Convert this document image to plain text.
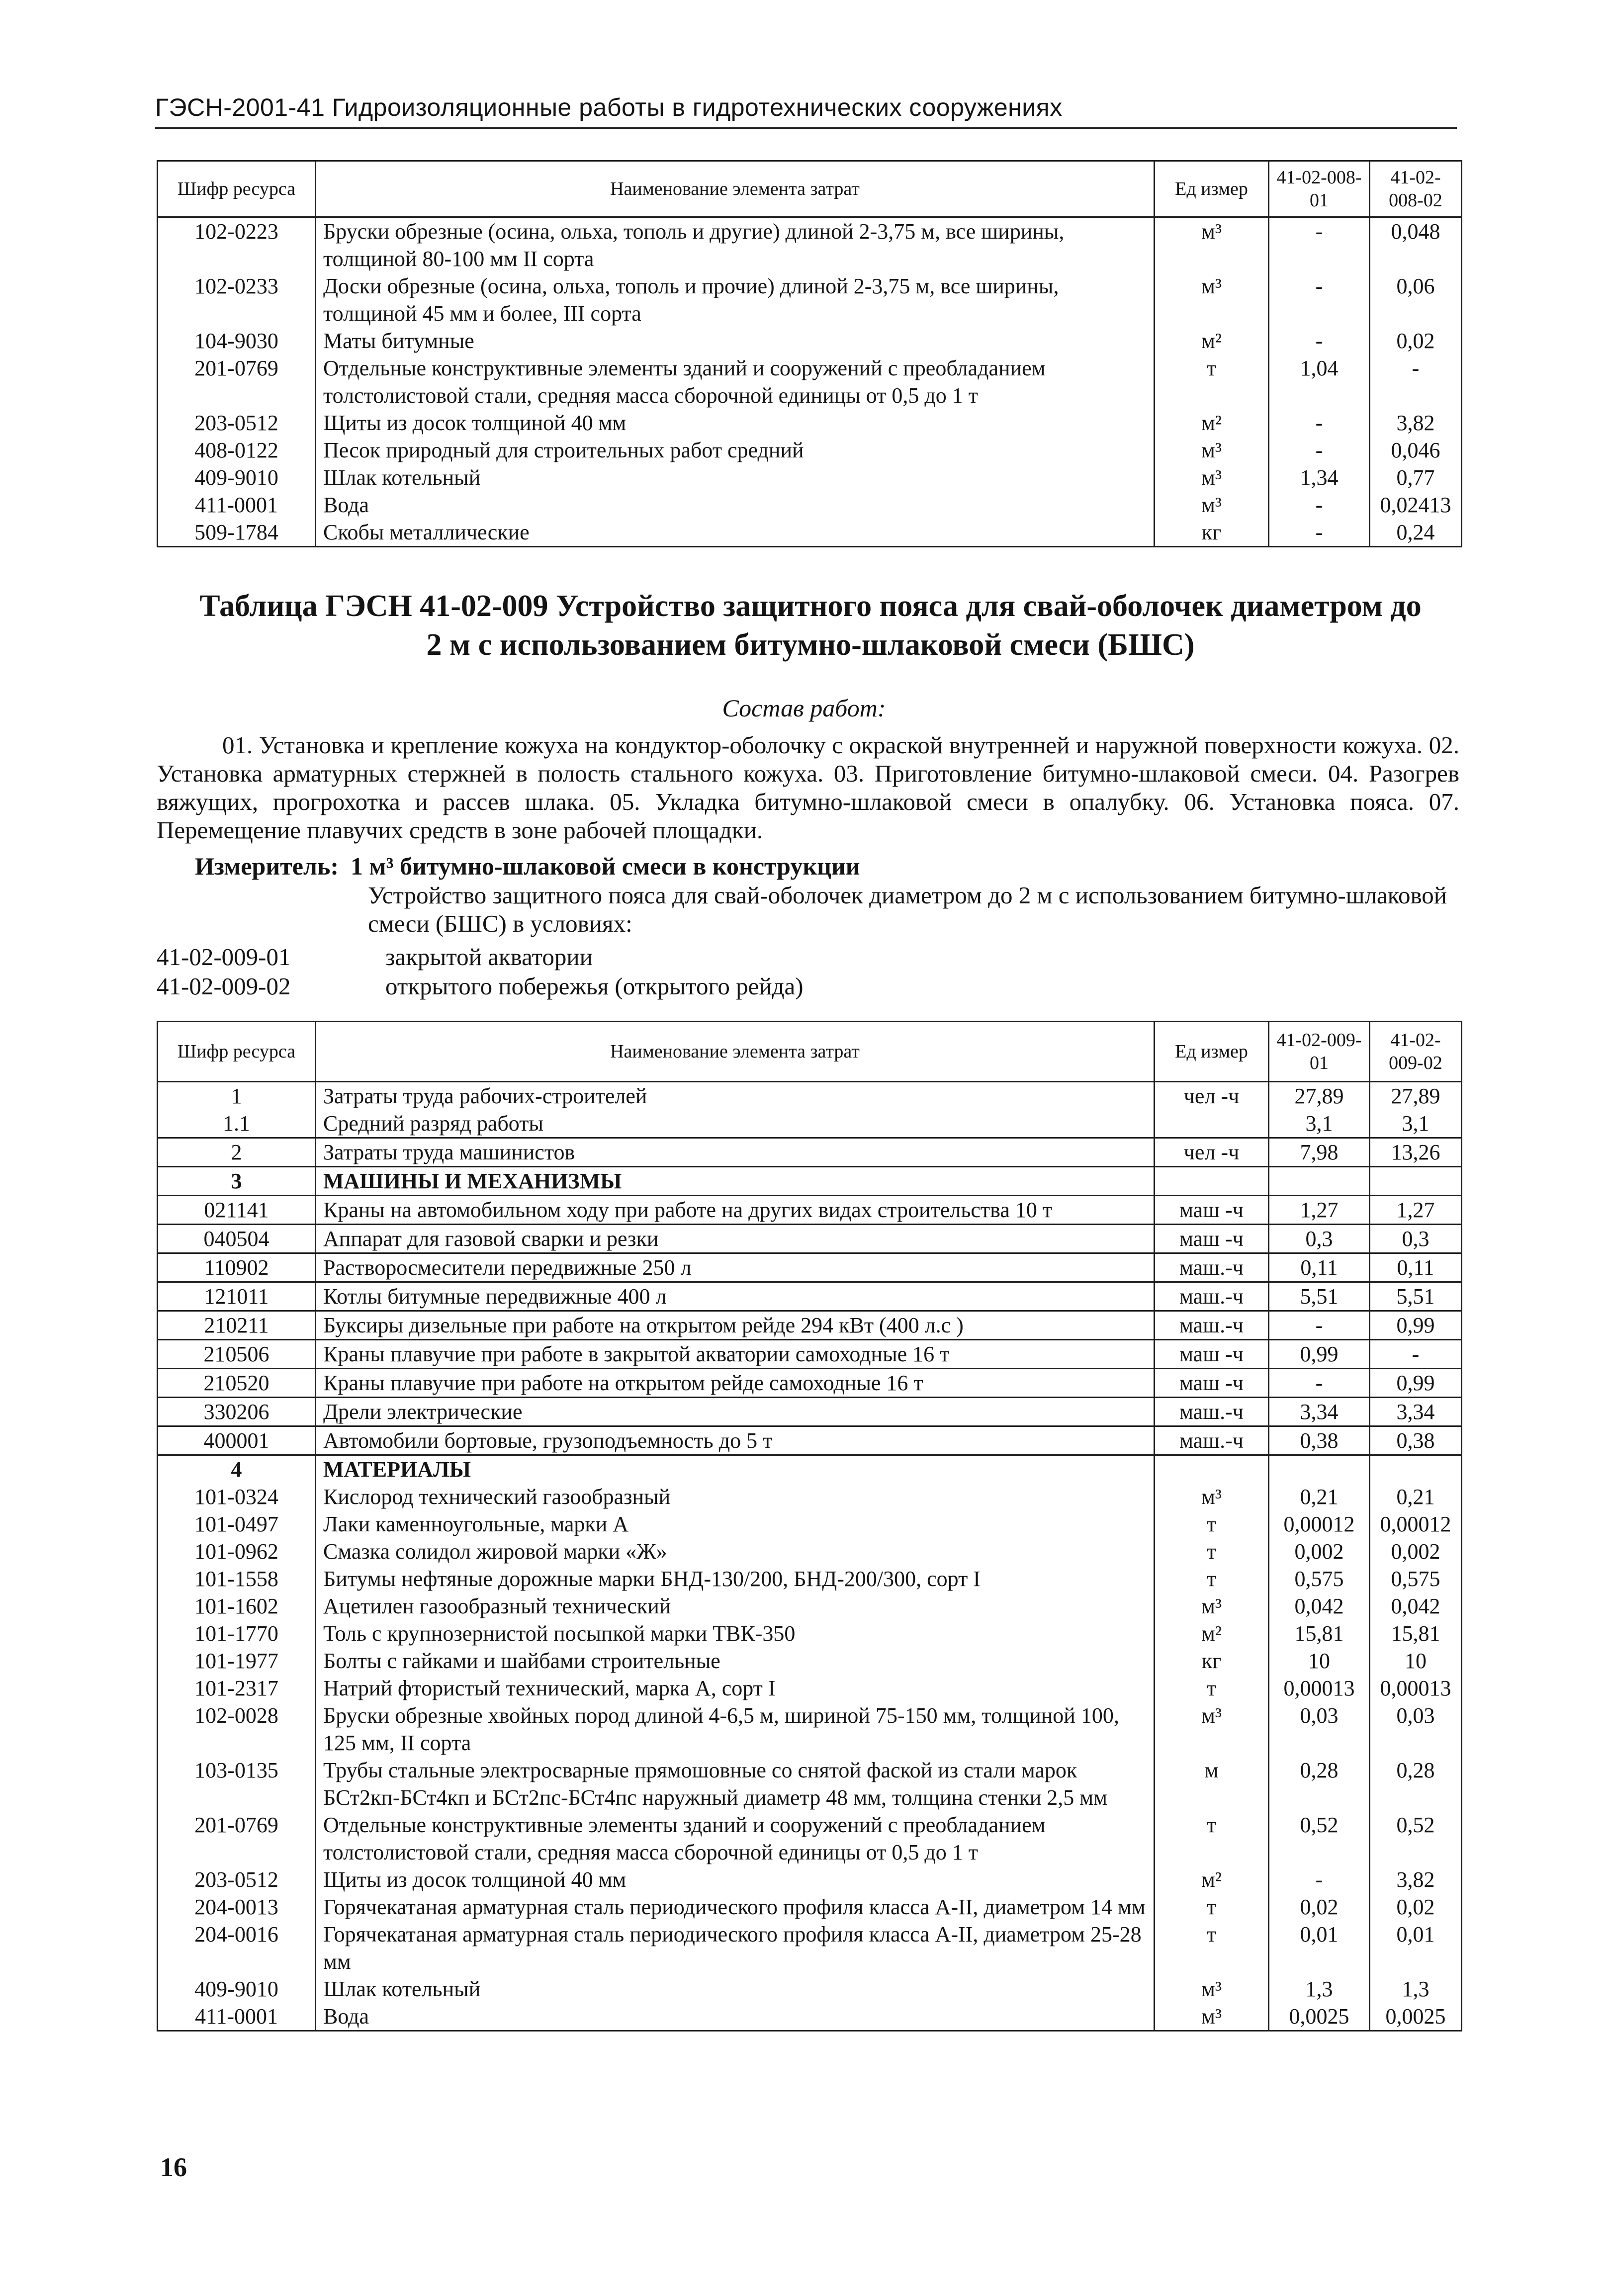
ГЭСН-2001-41 Гидроизоляционные работы в гидротехнических сооружениях
Шифр ресурса	Наименование элемента затрат	Ед измер	41-02-008-01	41-02-008-02
102-0223	Бруски обрезные (осина, ольха, тополь и другие) длиной 2-3,75 м, все ширины, толщиной 80-100 мм II сорта	м³	-	0,048
102-0233	Доски обрезные (осина, ольха, тополь и прочие) длиной 2-3,75 м, все ширины, толщиной 45 мм и более, III сорта	м³	-	0,06
104-9030	Маты битумные	м²	-	0,02
201-0769	Отдельные конструктивные элементы зданий и сооружений с преобладанием толстолистовой стали, средняя масса сборочной единицы от 0,5 до 1 т	т	1,04	-
203-0512	Щиты из досок толщиной 40 мм	м²	-	3,82
408-0122	Песок природный для строительных работ средний	м³	-	0,046
409-9010	Шлак котельный	м³	1,34	0,77
411-0001	Вода	м³	-	0,02413
509-1784	Скобы металлические	кг	-	0,24
Таблица ГЭСН 41-02-009 Устройство защитного пояса для свай-оболочек диаметром до
2 м с использованием битумно-шлаковой смеси (БШС)
Состав работ:

01. Установка и крепление кожуха на кондуктор-оболочку с окраской внутренней и наружной поверхности кожуха. 02. Установка арматурных стержней в полость стального кожуха. 03. Приготовление битумно-шлаковой смеси. 04. Разогрев вяжущих, прогрохотка и рассев шлака. 05. Укладка битумно-шлаковой смеси в опалубку. 06. Установка пояса. 07. Перемещение плавучих средств в зоне рабочей площадки.

Измеритель: 1 м³ битумно-шлаковой смеси в конструкции

Устройство защитного пояса для свай-оболочек диаметром до 2 м с использованием битумно-шлаковой смеси (БШС) в условиях:

41-02-009-01	закрытой акватории
41-02-009-02	открытого побережья (открытого рейда)
Шифр ресурса	Наименование элемента затрат	Ед измер	41-02-009-01	41-02-009-02
1	Затраты труда рабочих-строителей	чел -ч	27,89	27,89
1.1	Средний разряд работы		3,1	3,1
2	Затраты труда машинистов	чел -ч	7,98	13,26
3	МАШИНЫ И МЕХАНИЗМЫ			
021141	Краны на автомобильном ходу при работе на других видах строительства 10 т	маш -ч	1,27	1,27
040504	Аппарат для газовой сварки и резки	маш -ч	0,3	0,3
110902	Растворосмесители передвижные 250 л	маш.-ч	0,11	0,11
121011	Котлы битумные передвижные 400 л	маш.-ч	5,51	5,51
210211	Буксиры дизельные при работе на открытом рейде 294 кВт (400 л.с )	маш.-ч	-	0,99
210506	Краны плавучие при работе в закрытой акватории самоходные 16 т	маш -ч	0,99	-
210520	Краны плавучие при работе на открытом рейде самоходные 16 т	маш -ч	-	0,99
330206	Дрели электрические	маш.-ч	3,34	3,34
400001	Автомобили бортовые, грузоподъемность до 5 т	маш.-ч	0,38	0,38
4	МАТЕРИАЛЫ			
101-0324	Кислород технический газообразный	м³	0,21	0,21
101-0497	Лаки каменноугольные, марки А	т	0,00012	0,00012
101-0962	Смазка солидол жировой марки «Ж»	т	0,002	0,002
101-1558	Битумы нефтяные дорожные марки БНД-130/200, БНД-200/300, сорт I	т	0,575	0,575
101-1602	Ацетилен газообразный технический	м³	0,042	0,042
101-1770	Толь с крупнозернистой посыпкой марки ТВК-350	м²	15,81	15,81
101-1977	Болты с гайками и шайбами строительные	кг	10	10
101-2317	Натрий фтористый технический, марка А, сорт I	т	0,00013	0,00013
102-0028	Бруски обрезные хвойных пород длиной 4-6,5 м, шириной 75-150 мм, толщиной 100, 125 мм, II сорта	м³	0,03	0,03
103-0135	Трубы стальные электросварные прямошовные со снятой фаской из стали марок БСт2кп-БСт4кп и БСт2пс-БСт4пс наружный диаметр 48 мм, толщина стенки 2,5 мм	м	0,28	0,28
201-0769	Отдельные конструктивные элементы зданий и сооружений с преобладанием толстолистовой стали, средняя масса сборочной единицы от 0,5 до 1 т	т	0,52	0,52
203-0512	Щиты из досок толщиной 40 мм	м²	-	3,82
204-0013	Горячекатаная арматурная сталь периодического профиля класса А-II, диаметром 14 мм	т	0,02	0,02
204-0016	Горячекатаная арматурная сталь периодического профиля класса А-II, диаметром 25-28 мм	т	0,01	0,01
409-9010	Шлак котельный	м³	1,3	1,3
411-0001	Вода	м³	0,0025	0,0025
16
